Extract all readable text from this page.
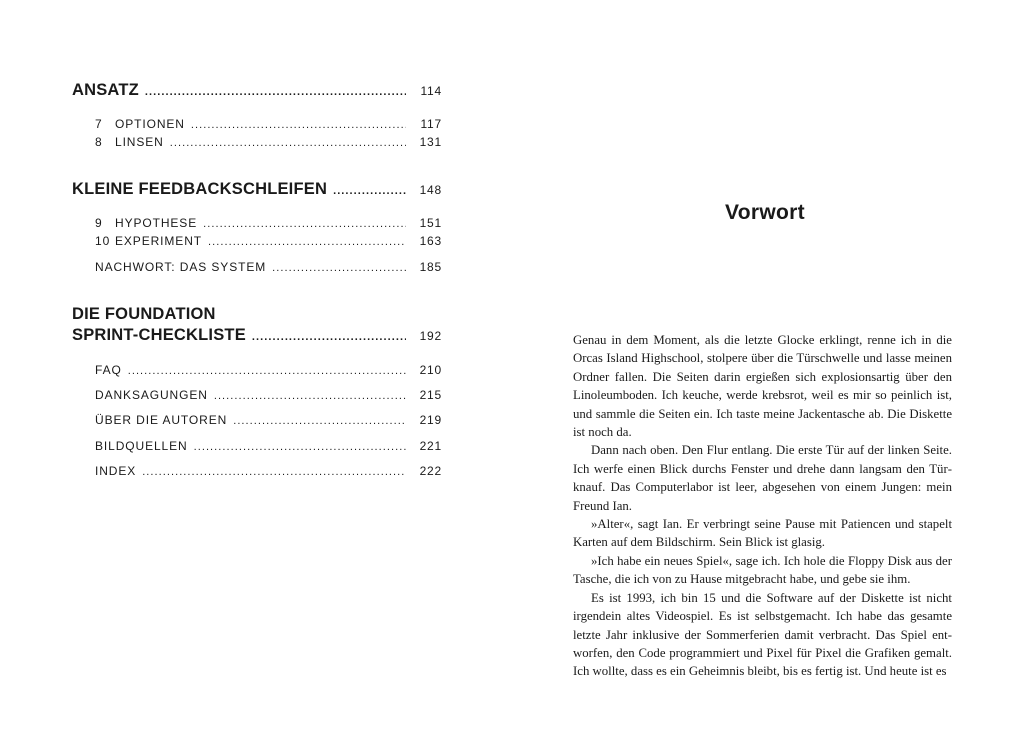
ANSATZ . . .	114
7 OPTIONEN . . .	117
8 LINSEN . . .	131
KLEINE FEEDBACKSCHLEIFEN . . .	148
9 HYPOTHESE . . .	151
10 EXPERIMENT . . .	163
NACHWORT: DAS SYSTEM . . .	185
DIE FOUNDATION
SPRINT-CHECKLISTE . . .	192
FAQ . . .	210
DANKSAGUNGEN . . .	215
ÜBER DIE AUTOREN . . .	219
BILDQUELLEN . . .	221
INDEX . . .	222
Vorwort

Genau in dem Moment, als die letzte Glocke erklingt, renne ich in die Orcas Island Highschool, stolpere über die Türschwelle und lasse meinen Ordner fallen. Die Seiten darin ergießen sich explosionsartig über den Linoleumboden. Ich keuche, werde krebsrot, weil es mir so peinlich ist, und sammle die Seiten ein. Ich taste meine Jackentasche ab. Die Diskette ist noch da.

Dann nach oben. Den Flur entlang. Die erste Tür auf der linken Seite. Ich werfe einen Blick durchs Fenster und drehe dann langsam den Türknauf. Das Computerlabor ist leer, abgesehen von einem Jungen: mein Freund Ian.

»Alter«, sagt Ian. Er verbringt seine Pause mit Patiencen und stapelt Karten auf dem Bildschirm. Sein Blick ist glasig.

»Ich habe ein neues Spiel«, sage ich. Ich hole die Floppy Disk aus der Tasche, die ich von zu Hause mitgebracht habe, und gebe sie ihm.

Es ist 1993, ich bin 15 und die Software auf der Diskette ist nicht irgendein altes Videospiel. Es ist selbstgemacht. Ich habe das gesamte letzte Jahr inklusive der Sommerferien damit verbracht. Das Spiel entworfen, den Code programmiert und Pixel für Pixel die Grafiken gemalt. Ich wollte, dass es ein Geheimnis bleibt, bis es fertig ist. Und heute ist es
